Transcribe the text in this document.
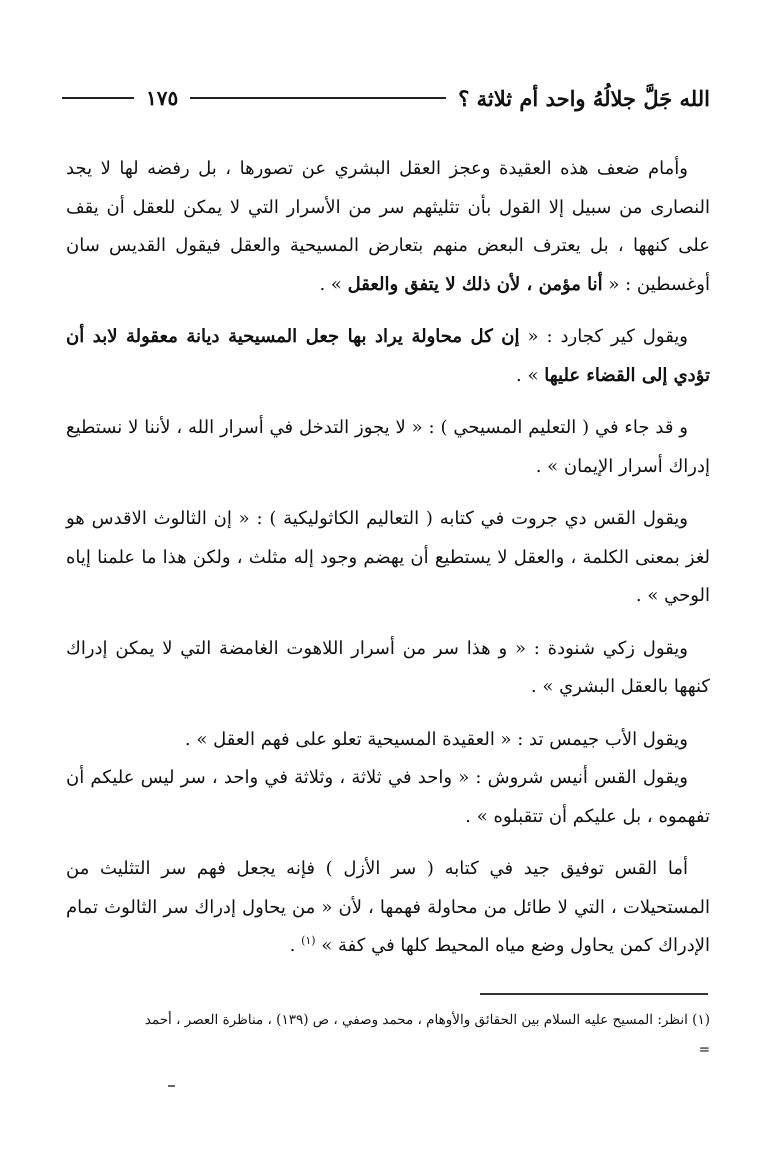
الله جَلَّ جلالُهُ واحد أم ثلاثة ؟
١٧٥

وأمام ضعف هذه العقيدة وعجز العقل البشري عن تصورها ، بل رفضه لها لا يجد النصارى من سبيل إلا القول بأن تثليثهم سر من الأسرار التي لا يمكن للعقل أن يقف على كنهها ، بل يعترف البعض منهم بتعارض المسيحية والعقل فيقول القديس سان أوغسطين : « أنا مؤمن ، لأن ذلك لا يتفق والعقل » .

ويقول كير كجارد : « إن كل محاولة يراد بها جعل المسيحية ديانة معقولة لابد أن تؤدي إلى القضاء عليها » .

و قد جاء في ( التعليم المسيحي ) : « لا يجوز التدخل في أسرار الله ، لأننا لا نستطيع إدراك أسرار الإيمان » .

ويقول القس دي جروت في كتابه ( التعاليم الكاثوليكية ) : « إن الثالوث الاقدس هو لغز بمعنى الكلمة ، والعقل لا يستطيع أن يهضم وجود إله مثلث ، ولكن هذا ما علمنا إياه الوحي » .

ويقول زكي شنودة : « و هذا سر من أسرار اللاهوت الغامضة التي لا يمكن إدراك كنهها بالعقل البشري » .

ويقول الأب جيمس تد : « العقيدة المسيحية تعلو على فهم العقل » .

ويقول القس أنيس شروش : « واحد في ثلاثة ، وثلاثة في واحد ، سر ليس عليكم أن تفهموه ، بل عليكم أن تتقبلوه » .

أما القس توفيق جيد في كتابه ( سر الأزل ) فإنه يجعل فهم سر التثليث من المستحيلات ، التي لا طائل من محاولة فهمها ، لأن « من يحاول إدراك سر الثالوث تمام الإدراك كمن يحاول وضع مياه المحيط كلها في كفة » $^{(١)}$ .

(١) انظر: المسيح عليه السلام بين الحقائق والأوهام ، محمد وصفي ، ص (١٣٩) ، مناظرة العصر ، أحمد
=
